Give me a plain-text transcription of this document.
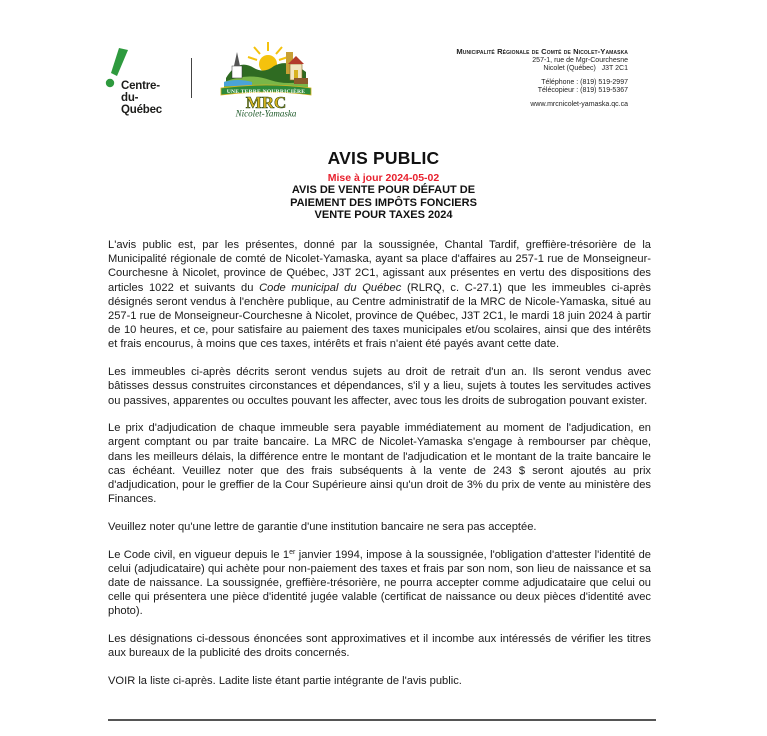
Centre-
du-
Québec
UNE TERRE NOURRICIÈRE
MRC
Nicolet-Yamaska
Municipalité Régionale de Comté de Nicolet-Yamaska
257-1, rue de Mgr-Courchesne
Nicolet (Québec)   J3T 2C1
Téléphone : (819) 519-2997
Télécopieur : (819) 519-5367
www.mrcnicolet-yamaska.qc.ca
AVIS PUBLIC
Mise à jour 2024-05-02
AVIS DE VENTE POUR DÉFAUT DE
PAIEMENT DES IMPÔTS FONCIERS
VENTE POUR TAXES 2024

L'avis public est, par les présentes, donné par la soussignée, Chantal Tardif, greffière-trésorière de la Municipalité régionale de comté de Nicolet-Yamaska, ayant sa place d'affaires au 257-1 rue de Monseigneur- Courchesne à Nicolet, province de Québec, J3T 2C1, agissant aux présentes en vertu des dispositions des articles 1022 et suivants du Code municipal du Québec (RLRQ, c. C-27.1) que les immeubles ci-après désignés seront vendus à l'enchère publique, au Centre administratif de la MRC de Nicole-Yamaska, situé au 257-1 rue de Monseigneur-Courchesne à Nicolet, province de Québec, J3T 2C1, le mardi 18 juin 2024 à partir de 10 heures, et ce, pour satisfaire au paiement des taxes municipales et/ou scolaires, ainsi que des intérêts et frais encourus, à moins que ces taxes, intérêts et frais n'aient été payés avant cette date.

Les immeubles ci-après décrits seront vendus sujets au droit de retrait d'un an. Ils seront vendus avec bâtisses dessus construites circonstances et dépendances, s'il y a lieu, sujets à toutes les servitudes actives ou passives, apparentes ou occultes pouvant les affecter, avec tous les droits de subrogation pouvant exister.

Le prix d'adjudication de chaque immeuble sera payable immédiatement au moment de l'adjudication, en argent comptant ou par traite bancaire. La MRC de Nicolet-Yamaska s'engage à rembourser par chèque, dans les meilleurs délais, la différence entre le montant de l'adjudication et le montant de la traite bancaire le cas échéant. Veuillez noter que des frais subséquents à la vente de 243 $ seront ajoutés au prix d'adjudication, pour le greffier de la Cour Supérieure ainsi qu'un droit de 3% du prix de vente au ministère des Finances.

Veuillez noter qu'une lettre de garantie d'une institution bancaire ne sera pas acceptée.

Le Code civil, en vigueur depuis le 1er janvier 1994, impose à la soussignée, l'obligation d'attester l'identité de celui (adjudicataire) qui achète pour non-paiement des taxes et frais par son nom, son lieu de naissance et sa date de naissance. La soussignée, greffière-trésorière, ne pourra accepter comme adjudicataire que celui ou celle qui présentera une pièce d'identité jugée valable (certificat de naissance ou deux pièces d'identité avec photo).

Les désignations ci-dessous énoncées sont approximatives et il incombe aux intéressés de vérifier les titres aux bureaux de la publicité des droits concernés.

VOIR la liste ci-après. Ladite liste étant partie intégrante de l'avis public.
